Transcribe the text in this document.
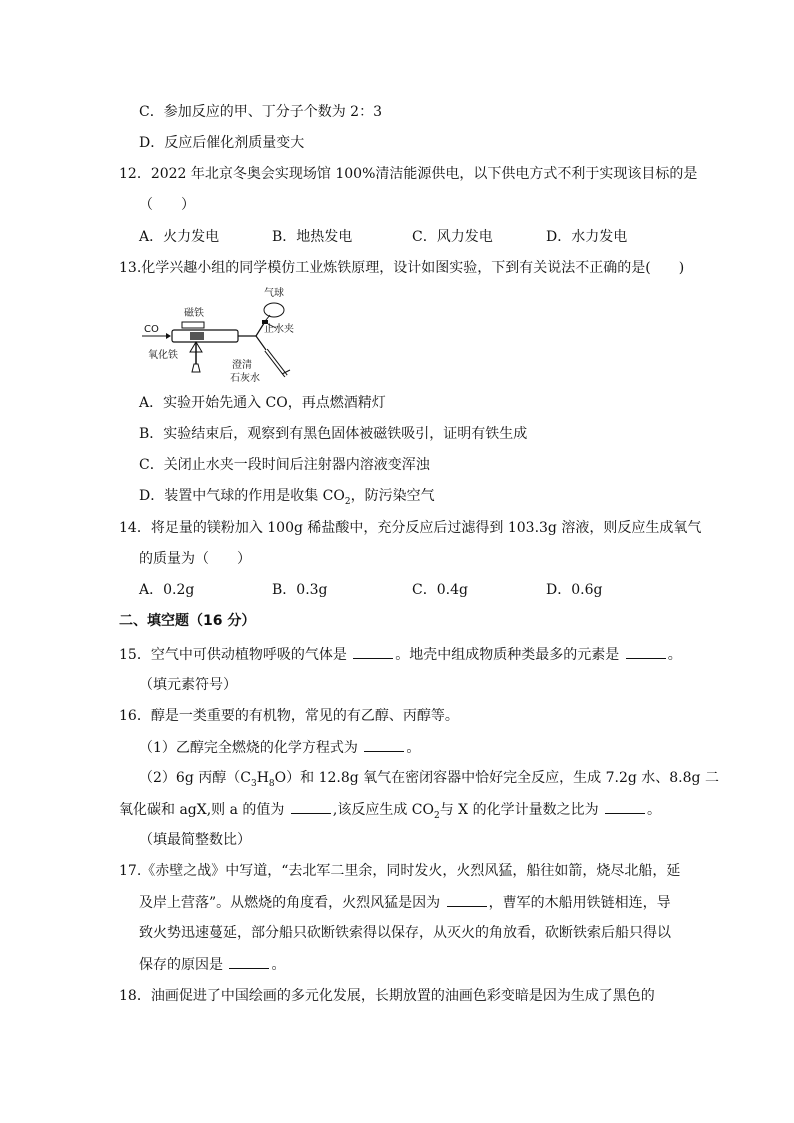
C．参加反应的甲、丁分子个数为 2：3
D．反应后催化剂质量变大
12．2022 年北京冬奥会实现场馆 100%清洁能源供电，以下供电方式不利于实现该目标的是
（　　）
A．火力发电	B．地热发电	C．风力发电	D．水力发电
13.化学兴趣小组的同学模仿工业炼铁原理，设计如图实验，下到有关说法不正确的是(　　)
CO
磁铁
氧化铁
气球
止水夹
澄清
石灰水
A．实验开始先通入 CO，再点燃酒精灯
B．实验结束后，观察到有黑色固体被磁铁吸引，证明有铁生成
C．关闭止水夹一段时间后注射器内溶液变浑浊
D．装置中气球的作用是收集 $CO_2$，防污染空气
14．将足量的镁粉加入 100g 稀盐酸中，充分反应后过滤得到 103.3g 溶液，则反应生成氧气
的质量为（　　）
A．0.2g	B．0.3g	C．0.4g	D．0.6g
二、填空题（16 分）
15．空气中可供动植物呼吸的气体是	。地壳中组成物质种类最多的元素是	。
（填元素符号）
16．醇是一类重要的有机物，常见的有乙醇、丙醇等。
（1）乙醇完全燃烧的化学方程式为	。
（2）6g 丙醇$(C_3H_8O)$和 12.8g 氧气在密闭容器中恰好完全反应，生成 7.2g 水、8.8g 二
氧化碳和 agX,则 a 的值为	,该反应生成 $CO_2$与 X 的化学计量数之比为	。
（填最简整数比）
17.《赤壁之战》中写道，“去北军二里余，同时发火，火烈风猛，船往如箭，烧尽北船，延
及岸上营落”。从燃烧的角度看，火烈风猛是因为	，曹军的木船用铁链相连，导
致火势迅速蔓延，部分船只砍断铁索得以保存，从灭火的角放看，砍断铁索后船只得以
保存的原因是	。
18．油画促进了中国绘画的多元化发展，长期放置的油画色彩变暗是因为生成了黑色的
